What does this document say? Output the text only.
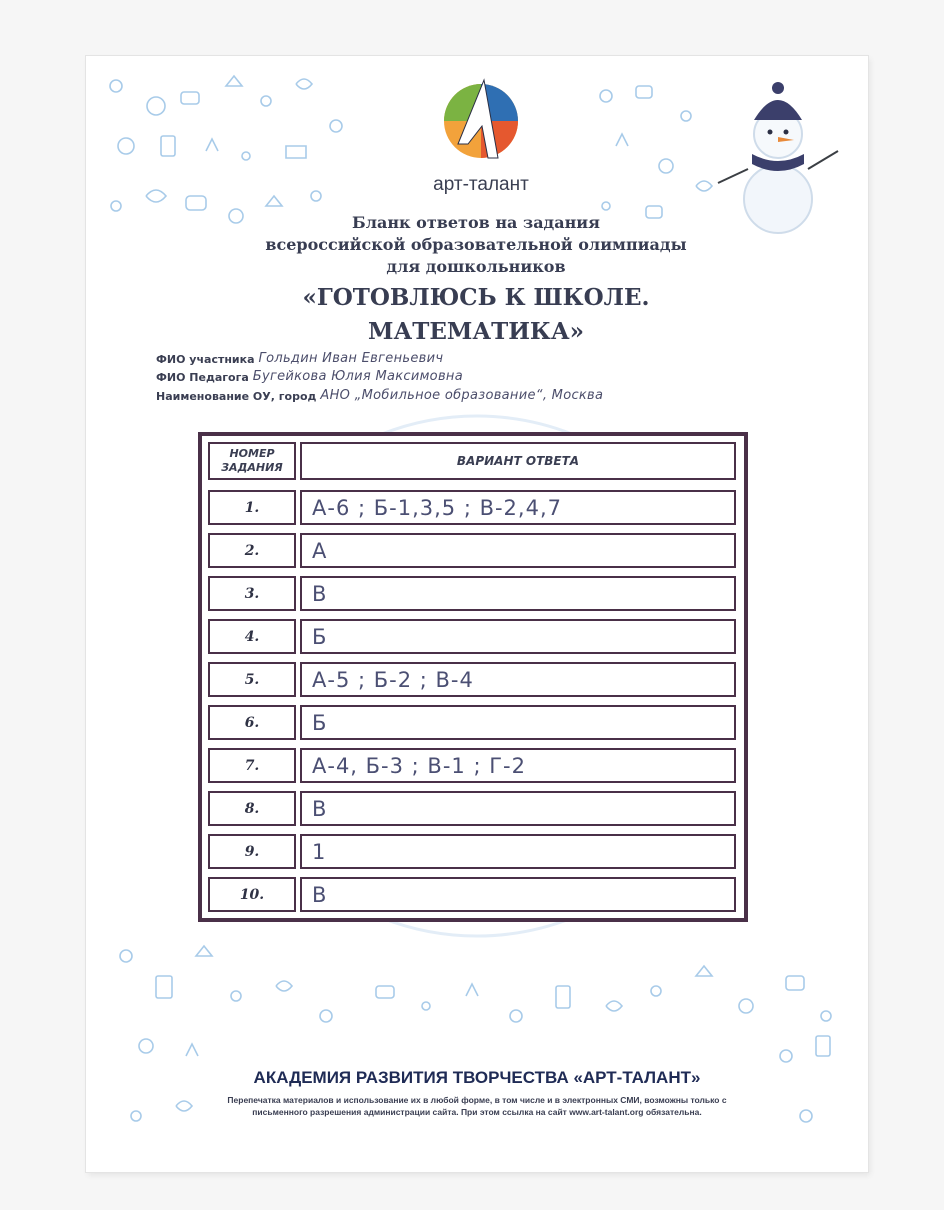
арт-талант
Бланк ответов на задания
всероссийской образовательной олимпиады
для дошкольников
«ГОТОВЛЮСЬ К ШКОЛЕ.
МАТЕМАТИКА»
ФИО участника Гольдин Иван Евгеньевич
ФИО Педагога Бугейкова Юлия Максимовна
Наименование ОУ, город АНО „Мобильное образование“, Москва
НОМЕР ЗАДАНИЯ	ВАРИАНТ ОТВЕТА
1.	А-6 ; Б-1,3,5 ; В-2,4,7
2.	А
3.	В
4.	Б
5.	А-5 ; Б-2 ; В-4
6.	Б
7.	А-4, Б-3 ; В-1 ; Г-2
8.	В
9.	1
10.	В
АКАДЕМИЯ РАЗВИТИЯ ТВОРЧЕСТВА «АРТ-ТАЛАНТ»
Перепечатка материалов и использование их в любой форме, в том числе и в электронных СМИ, возможны только с
письменного разрешения администрации сайта. При этом ссылка на сайт www.art-talant.org обязательна.
